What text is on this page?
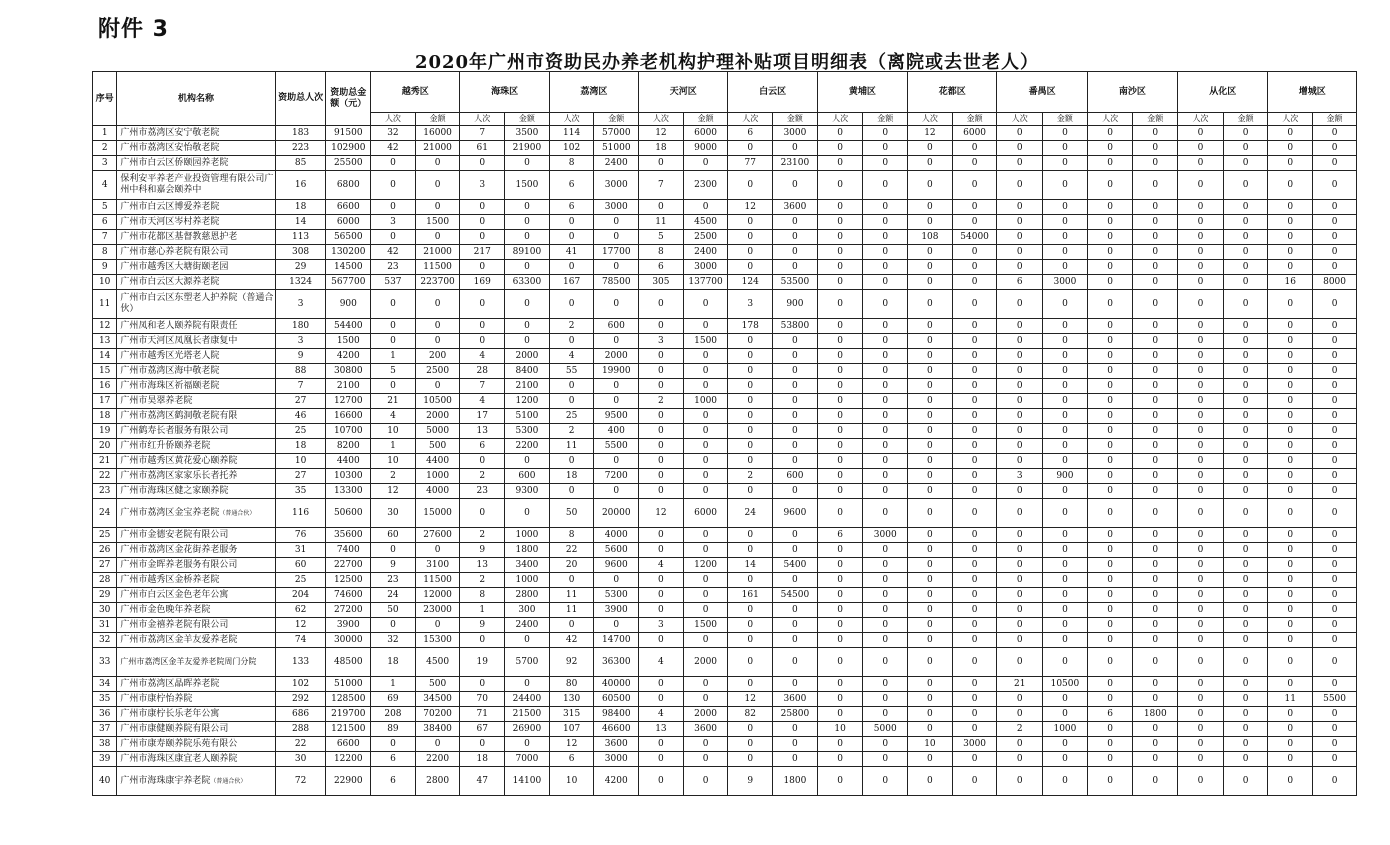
附件 3
2020年广州市资助民办养老机构护理补贴项目明细表（离院或去世老人）
序号	机构名称	资助总人次	资助总金额（元）	越秀区		海珠区		荔湾区		天河区		白云区		黄埔区		花都区		番禺区		南沙区		从化区		增城区	
				人次	金额	人次	金额	人次	金额	人次	金额	人次	金额	人次	金额	人次	金额	人次	金额	人次	金额	人次	金额	人次	金额
1	广州市荔湾区安宁敬老院	183	91500	32	16000	7	3500	114	57000	12	6000	6	3000	0	0	12	6000	0	0	0	0	0	0	0	0
2	广州市荔湾区安怡敬老院	223	102900	42	21000	61	21900	102	51000	18	9000	0	0	0	0	0	0	0	0	0	0	0	0	0	0
3	广州市白云区侨颐园养老院	85	25500	0	0	0	0	8	2400	0	0	77	23100	0	0	0	0	0	0	0	0	0	0	0	0
4	保利安平养老产业投资管理有限公司广州中科和嘉会颐养中	16	6800	0	0	3	1500	6	3000	7	2300	0	0	0	0	0	0	0	0	0	0	0	0	0	0
5	广州市白云区博爱养老院	18	6600	0	0	0	0	6	3000	0	0	12	3600	0	0	0	0	0	0	0	0	0	0	0	0
6	广州市天河区岑村养老院	14	6000	3	1500	0	0	0	0	11	4500	0	0	0	0	0	0	0	0	0	0	0	0	0	0
7	广州市花都区基督教慈恩护老	113	56500	0	0	0	0	0	0	5	2500	0	0	0	0	108	54000	0	0	0	0	0	0	0	0
8	广州市慈心养老院有限公司	308	130200	42	21000	217	89100	41	17700	8	2400	0	0	0	0	0	0	0	0	0	0	0	0	0	0
9	广州市越秀区大塘街颐老园	29	14500	23	11500	0	0	0	0	6	3000	0	0	0	0	0	0	0	0	0	0	0	0	0	0
10	广州市白云区大源养老院	1324	567700	537	223700	169	63300	167	78500	305	137700	124	53500	0	0	0	0	6	3000	0	0	0	0	16	8000
11	广州市白云区东塑老人护养院（普通合伙）	3	900	0	0	0	0	0	0	0	0	3	900	0	0	0	0	0	0	0	0	0	0	0	0
12	广州凤和老人颐养院有限责任	180	54400	0	0	0	0	2	600	0	0	178	53800	0	0	0	0	0	0	0	0	0	0	0	0
13	广州市天河区凤凰长者康复中	3	1500	0	0	0	0	0	0	3	1500	0	0	0	0	0	0	0	0	0	0	0	0	0	0
14	广州市越秀区光塔老人院	9	4200	1	200	4	2000	4	2000	0	0	0	0	0	0	0	0	0	0	0	0	0	0	0	0
15	广州市荔湾区海中敬老院	88	30800	5	2500	28	8400	55	19900	0	0	0	0	0	0	0	0	0	0	0	0	0	0	0	0
16	广州市海珠区祈福颐老院	7	2100	0	0	7	2100	0	0	0	0	0	0	0	0	0	0	0	0	0	0	0	0	0	0
17	广州市昊翠养老院	27	12700	21	10500	4	1200	0	0	2	1000	0	0	0	0	0	0	0	0	0	0	0	0	0	0
18	广州市荔湾区鹤洞敬老院有限	46	16600	4	2000	17	5100	25	9500	0	0	0	0	0	0	0	0	0	0	0	0	0	0	0	0
19	广州鹤寿长者服务有限公司	25	10700	10	5000	13	5300	2	400	0	0	0	0	0	0	0	0	0	0	0	0	0	0	0	0
20	广州市红升侨颐养老院	18	8200	1	500	6	2200	11	5500	0	0	0	0	0	0	0	0	0	0	0	0	0	0	0	0
21	广州市越秀区黄花爱心颐养院	10	4400	10	4400	0	0	0	0	0	0	0	0	0	0	0	0	0	0	0	0	0	0	0	0
22	广州市荔湾区家家乐长者托养	27	10300	2	1000	2	600	18	7200	0	0	2	600	0	0	0	0	3	900	0	0	0	0	0	0
23	广州市海珠区健之家颐养院	35	13300	12	4000	23	9300	0	0	0	0	0	0	0	0	0	0	0	0	0	0	0	0	0	0
24	广州市荔湾区金宝养老院（普通合伙）	116	50600	30	15000	0	0	50	20000	12	6000	24	9600	0	0	0	0	0	0	0	0	0	0	0	0
25	广州市金德安老院有限公司	76	35600	60	27600	2	1000	8	4000	0	0	0	0	6	3000	0	0	0	0	0	0	0	0	0	0
26	广州市荔湾区金花街养老服务	31	7400	0	0	9	1800	22	5600	0	0	0	0	0	0	0	0	0	0	0	0	0	0	0	0
27	广州市金晖养老服务有限公司	60	22700	9	3100	13	3400	20	9600	4	1200	14	5400	0	0	0	0	0	0	0	0	0	0	0	0
28	广州市越秀区金桥养老院	25	12500	23	11500	2	1000	0	0	0	0	0	0	0	0	0	0	0	0	0	0	0	0	0	0
29	广州市白云区金色老年公寓	204	74600	24	12000	8	2800	11	5300	0	0	161	54500	0	0	0	0	0	0	0	0	0	0	0	0
30	广州市金色晚年养老院	62	27200	50	23000	1	300	11	3900	0	0	0	0	0	0	0	0	0	0	0	0	0	0	0	0
31	广州市金禧养老院有限公司	12	3900	0	0	9	2400	0	0	3	1500	0	0	0	0	0	0	0	0	0	0	0	0	0	0
32	广州市荔湾区金羊友爱养老院	74	30000	32	15300	0	0	42	14700	0	0	0	0	0	0	0	0	0	0	0	0	0	0	0	0
33	广州市荔湾区金羊友爱养老院周门分院	133	48500	18	4500	19	5700	92	36300	4	2000	0	0	0	0	0	0	0	0	0	0	0	0	0	0
34	广州市荔湾区晶晖养老院	102	51000	1	500	0	0	80	40000	0	0	0	0	0	0	0	0	21	10500	0	0	0	0	0	0
35	广州市康柠怡养院	292	128500	69	34500	70	24400	130	60500	0	0	12	3600	0	0	0	0	0	0	0	0	0	0	11	5500
36	广州市康柠长乐老年公寓	686	219700	208	70200	71	21500	315	98400	4	2000	82	25800	0	0	0	0	0	0	6	1800	0	0	0	0
37	广州市康健颐养院有限公司	288	121500	89	38400	67	26900	107	46600	13	3600	0	0	10	5000	0	0	2	1000	0	0	0	0	0	0
38	广州市康寿颐养院乐苑有限公	22	6600	0	0	0	0	12	3600	0	0	0	0	0	0	10	3000	0	0	0	0	0	0	0	0
39	广州市海珠区康宜老人颐养院	30	12200	6	2200	18	7000	6	3000	0	0	0	0	0	0	0	0	0	0	0	0	0	0	0	0
40	广州市海珠康宇养老院（普通合伙）	72	22900	6	2800	47	14100	10	4200	0	0	9	1800	0	0	0	0	0	0	0	0	0	0	0	0
